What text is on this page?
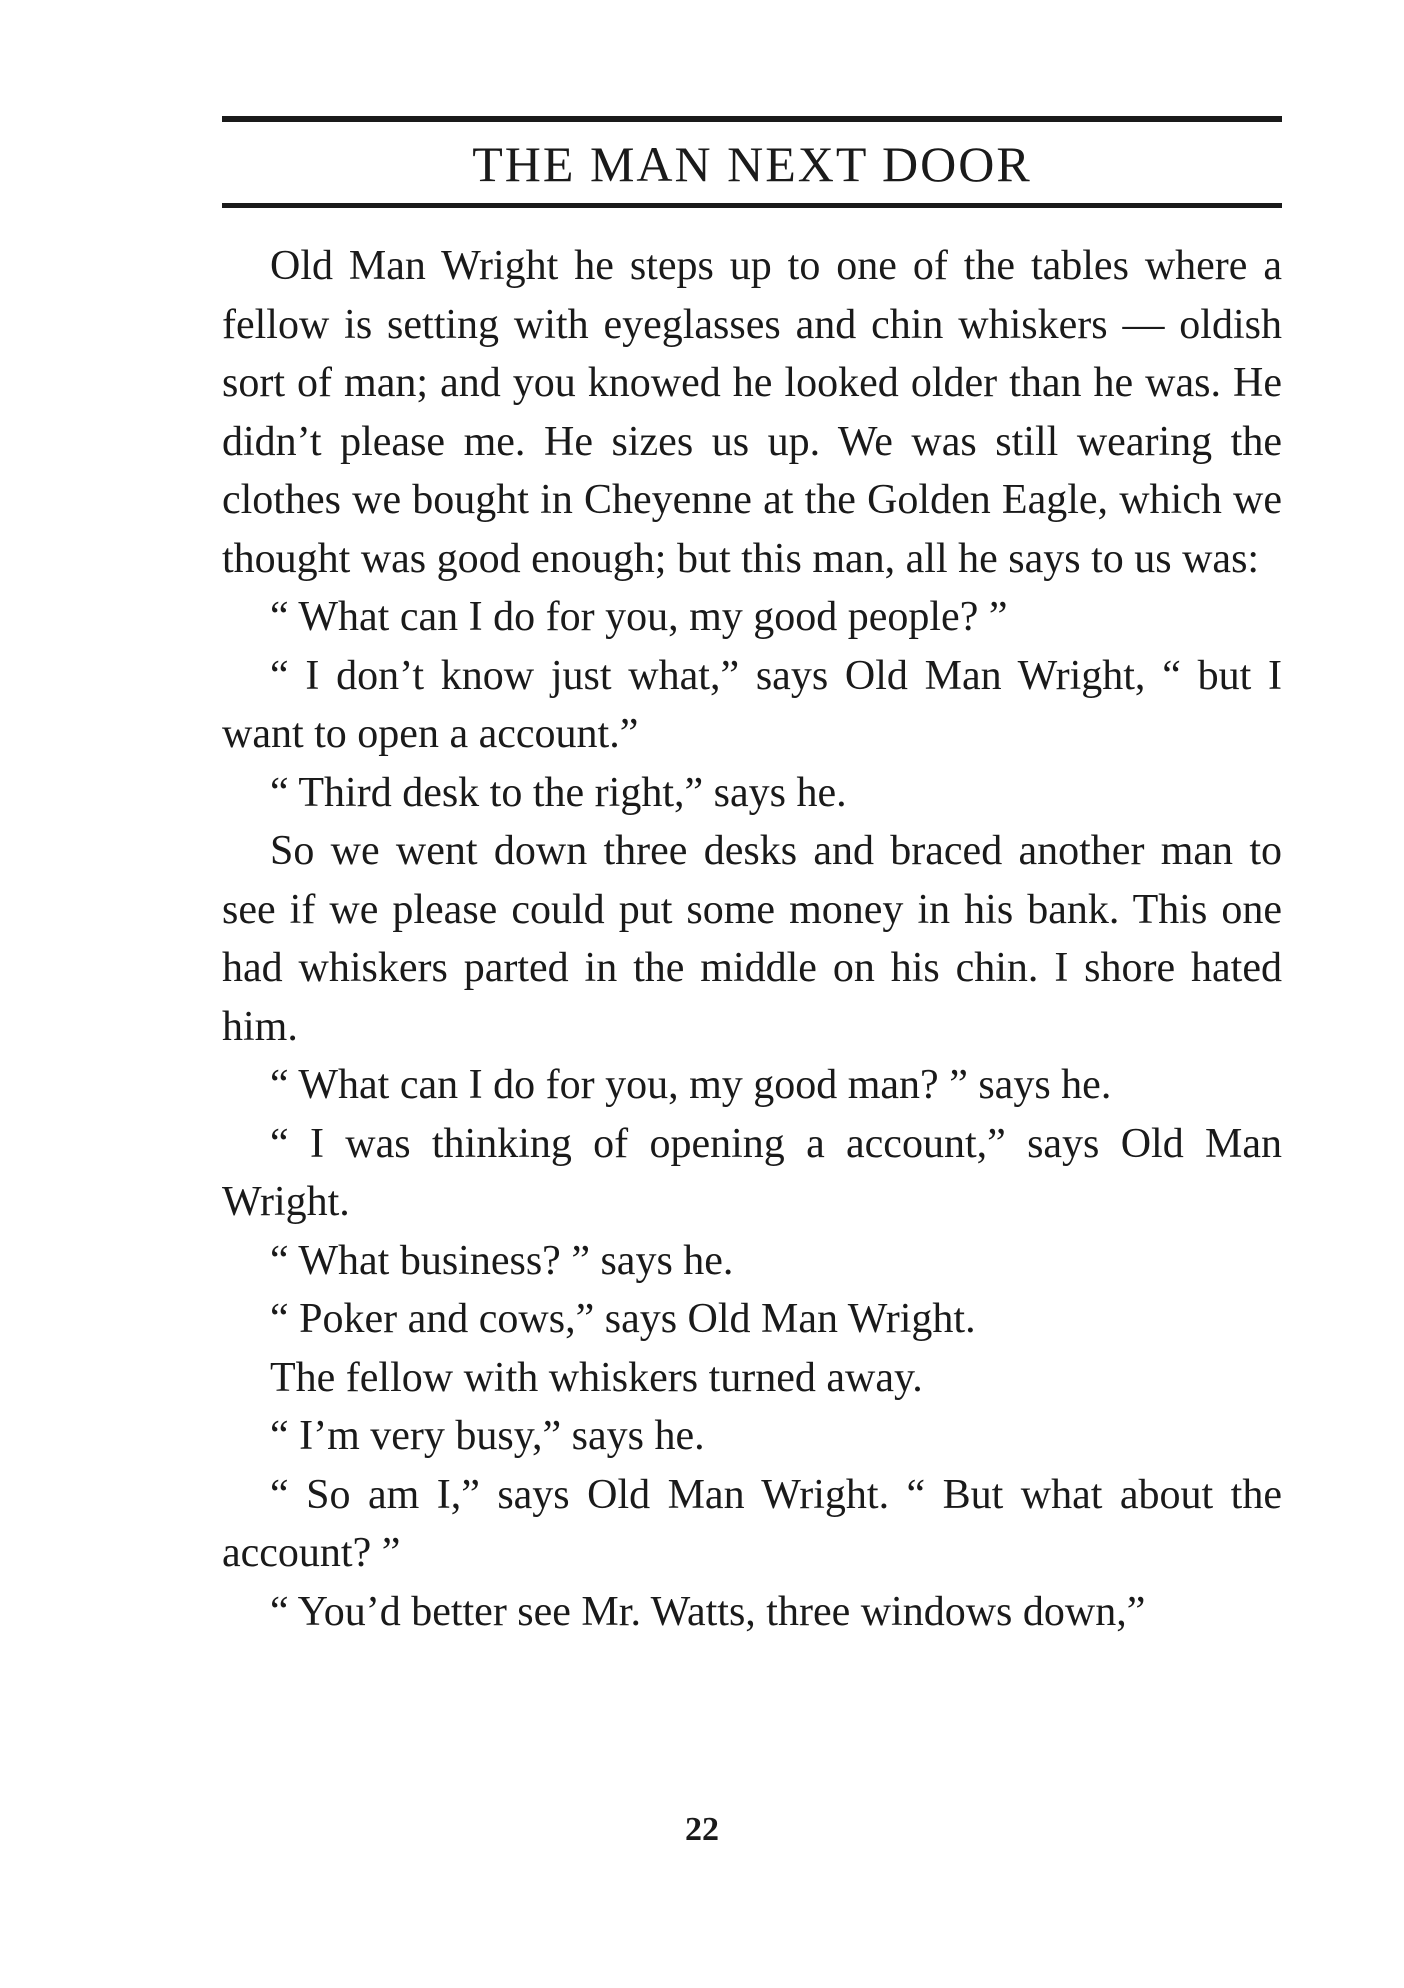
THE MAN NEXT DOOR

Old Man Wright he steps up to one of the tables where a fellow is setting with eyeglasses and chin whiskers — oldish sort of man; and you knowed he looked older than he was. He didn’t please me. He sizes us up. We was still wearing the clothes we bought in Cheyenne at the Golden Eagle, which we thought was good enough; but this man, all he says to us was:

“ What can I do for you, my good people? ”

“ I don’t know just what,” says Old Man Wright, “ but I want to open a account.”

“ Third desk to the right,” says he.

So we went down three desks and braced another man to see if we please could put some money in his bank. This one had whiskers parted in the middle on his chin. I shore hated him.

“ What can I do for you, my good man? ” says he.

“ I was thinking of opening a account,” says Old Man Wright.

“ What business? ” says he.

“ Poker and cows,” says Old Man Wright.

The fellow with whiskers turned away.

“ I’m very busy,” says he.

“ So am I,” says Old Man Wright. “ But what about the account? ”

“ You’d better see Mr. Watts, three windows down,”

22
